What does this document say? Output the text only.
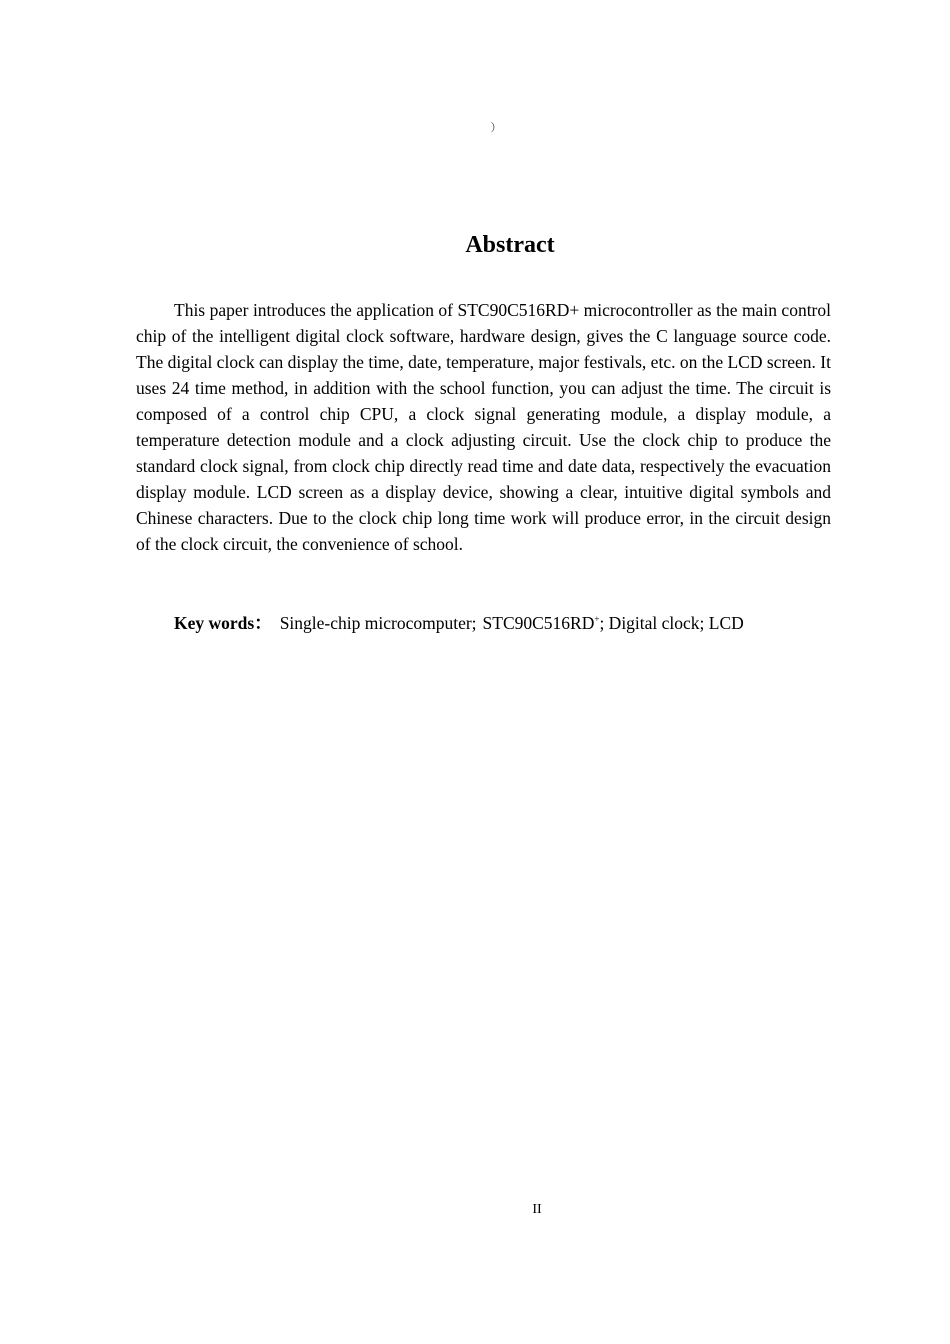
）
Abstract

This paper introduces the application of STC90C516RD+ microcontroller as the main control chip of the intelligent digital clock software, hardware design, gives the C language source code. The digital clock can display the time, date, temperature, major festivals, etc. on the LCD screen. It uses 24 time method, in addition with the school function, you can adjust the time. The circuit is composed of a control chip CPU, a clock signal generating module, a display module, a temperature detection module and a clock adjusting circuit. Use the clock chip to produce the standard clock signal, from clock chip directly read time and date data, respectively the evacuation display module. LCD screen as a display device, showing a clear, intuitive digital symbols and Chinese characters. Due to the clock chip long time work will produce error, in the circuit design of the clock circuit, the convenience of school.

Key words： Single-chip microcomputer; STC90C516RD+; Digital clock; LCD

II
